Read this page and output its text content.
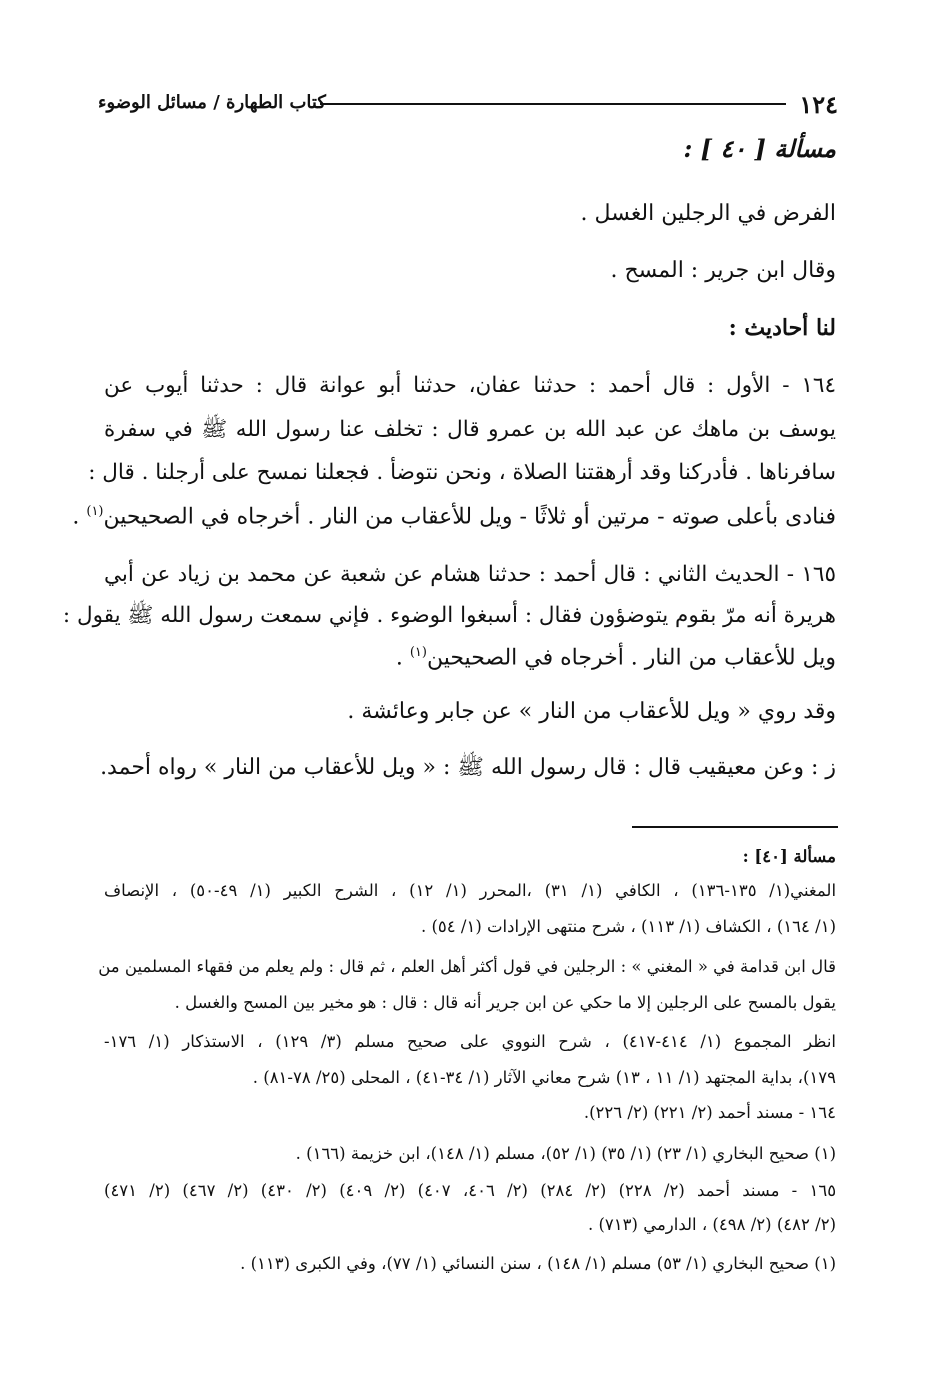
١٢٤
كتاب الطهارة / مسائل الوضوء
مسألة [ ٤٠ ] :
الفرض في الرجلين الغسل .
وقال ابن جرير : المسح .
لنا أحاديث :
١٦٤ - الأول : قال أحمد : حدثنا عفان، حدثنا أبو عوانة قال : حدثنا أيوب عن
يوسف بن ماهك عن عبد الله بن عمرو قال : تخلف عنا رسول الله ﷺ في سفرة
سافرناها . فأدركنا وقد أرهقتنا الصلاة ، ونحن نتوضأ . فجعلنا نمسح على أرجلنا . قال :
فنادى بأعلى صوته - مرتين أو ثلاثًا - ويل للأعقاب من النار . أخرجاه في الصحيحين$^{(١)}$ .
١٦٥ - الحديث الثاني : قال أحمد : حدثنا هشام عن شعبة عن محمد بن زياد عن أبي
هريرة أنه مرّ بقوم يتوضؤون فقال : أسبغوا الوضوء . فإني سمعت رسول الله ﷺ يقول :
ويل للأعقاب من النار . أخرجاه في الصحيحين$^{(١)}$ .
وقد روي « ويل للأعقاب من النار » عن جابر وعائشة .
ز : وعن معيقيب قال : قال رسول الله ﷺ : « ويل للأعقاب من النار » رواه أحمد.
مسألة [٤٠] :
المغني(١/ ١٣٥-١٣٦) ، الكافي (١/ ٣١) ،المحرر (١/ ١٢) ، الشرح الكبير (١/ ٤٩-٥٠) ، الإنصاف
(١/ ١٦٤) ، الكشاف (١/ ١١٣) ، شرح منتهى الإرادات (١/ ٥٤) .
قال ابن قدامة في « المغني » : الرجلين في قول أكثر أهل العلم ، ثم قال : ولم يعلم من فقهاء المسلمين من
يقول بالمسح على الرجلين إلا ما حكي عن ابن جرير أنه قال : قال : هو مخير بين المسح والغسل .
انظر المجموع (١/ ٤١٤-٤١٧) ، شرح النووي على صحيح مسلم (٣/ ١٢٩) ، الاستذكار (١/ ١٧٦-
١٧٩)، بداية المجتهد (١/ ١١ ، ١٣) شرح معاني الآثار (١/ ٣٤-٤١) ، المحلى (٢٥/ ٧٨-٨١) .
١٦٤ - مسند أحمد (٢/ ٢٢١) (٢/ ٢٢٦).
(١) صحيح البخاري (١/ ٢٣) (١/ ٣٥) (١/ ٥٢)، مسلم (١/ ١٤٨)، ابن خزيمة (١٦٦) .
١٦٥ - مسند أحمد (٢/ ٢٢٨) (٢/ ٢٨٤) (٢/ ٤٠٦، ٤٠٧) (٢/ ٤٠٩) (٢/ ٤٣٠) (٢/ ٤٦٧) (٢/ ٤٧١)
(٢/ ٤٨٢) (٢/ ٤٩٨) ، الدارمي (٧١٣) .
(١) صحيح البخاري (١/ ٥٣) مسلم (١/ ١٤٨) ، سنن النسائي (١/ ٧٧)، وفي الكبرى (١١٣) .
